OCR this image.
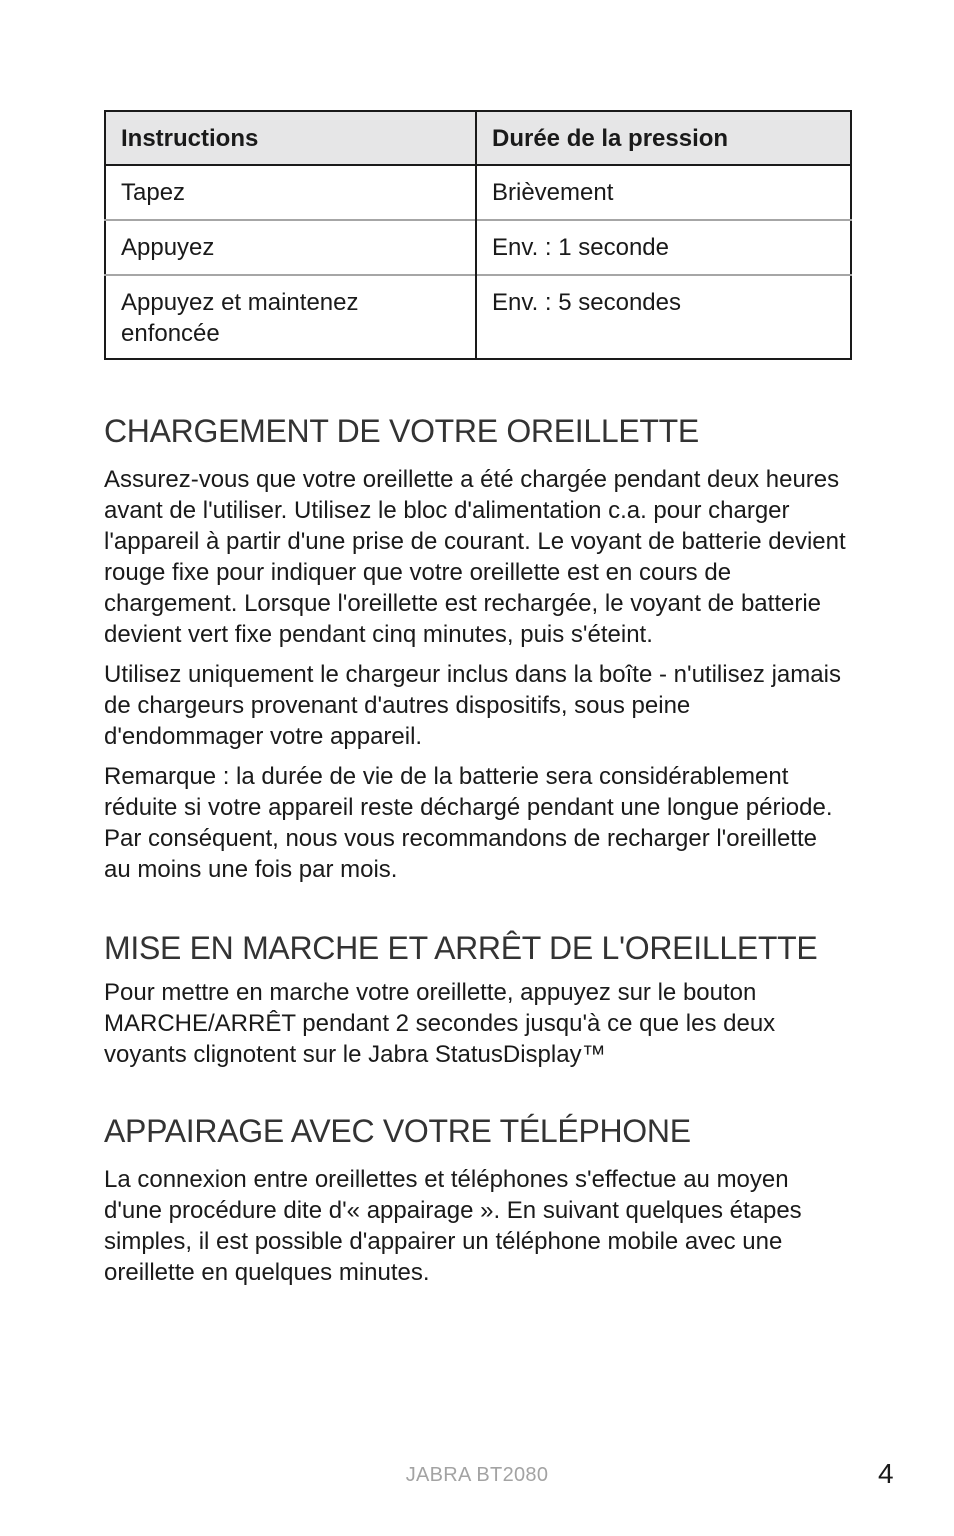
Instructions	Durée de la pression
Tapez	Brièvement
Appuyez	Env. : 1 seconde
Appuyez et maintenez enfoncée	Env. : 5 secondes
CHARGEMENT DE VOTRE OREILLETTE

Assurez-vous que votre oreillette a été chargée pendant deux heures avant de l'utiliser. Utilisez le bloc d'alimentation c.a. pour charger l'appareil à partir d'une prise de courant. Le voyant de batterie devient rouge fixe pour indiquer que votre oreillette est en cours de chargement. Lorsque l'oreillette est rechargée, le voyant de batterie devient vert fixe pendant cinq minutes, puis s'éteint.

Utilisez uniquement le chargeur inclus dans la boîte - n'utilisez jamais de chargeurs provenant d'autres dispositifs, sous peine d'endommager votre appareil.

Remarque : la durée de vie de la batterie sera considérablement réduite si votre appareil reste déchargé pendant une longue période. Par conséquent, nous vous recommandons de recharger l'oreillette au moins une fois par mois.

MISE EN MARCHE ET ARRÊT DE L'OREILLETTE

Pour mettre en marche votre oreillette, appuyez sur le bouton MARCHE/ARRÊT pendant 2 secondes jusqu'à ce que les deux voyants clignotent sur le Jabra StatusDisplay™

APPAIRAGE AVEC VOTRE TÉLÉPHONE

La connexion entre oreillettes et téléphones s'effectue au moyen d'une procédure dite d'« appairage ». En suivant quelques étapes simples, il est possible d'appairer un téléphone mobile avec une oreillette en quelques minutes.

JABRA BT2080	4
